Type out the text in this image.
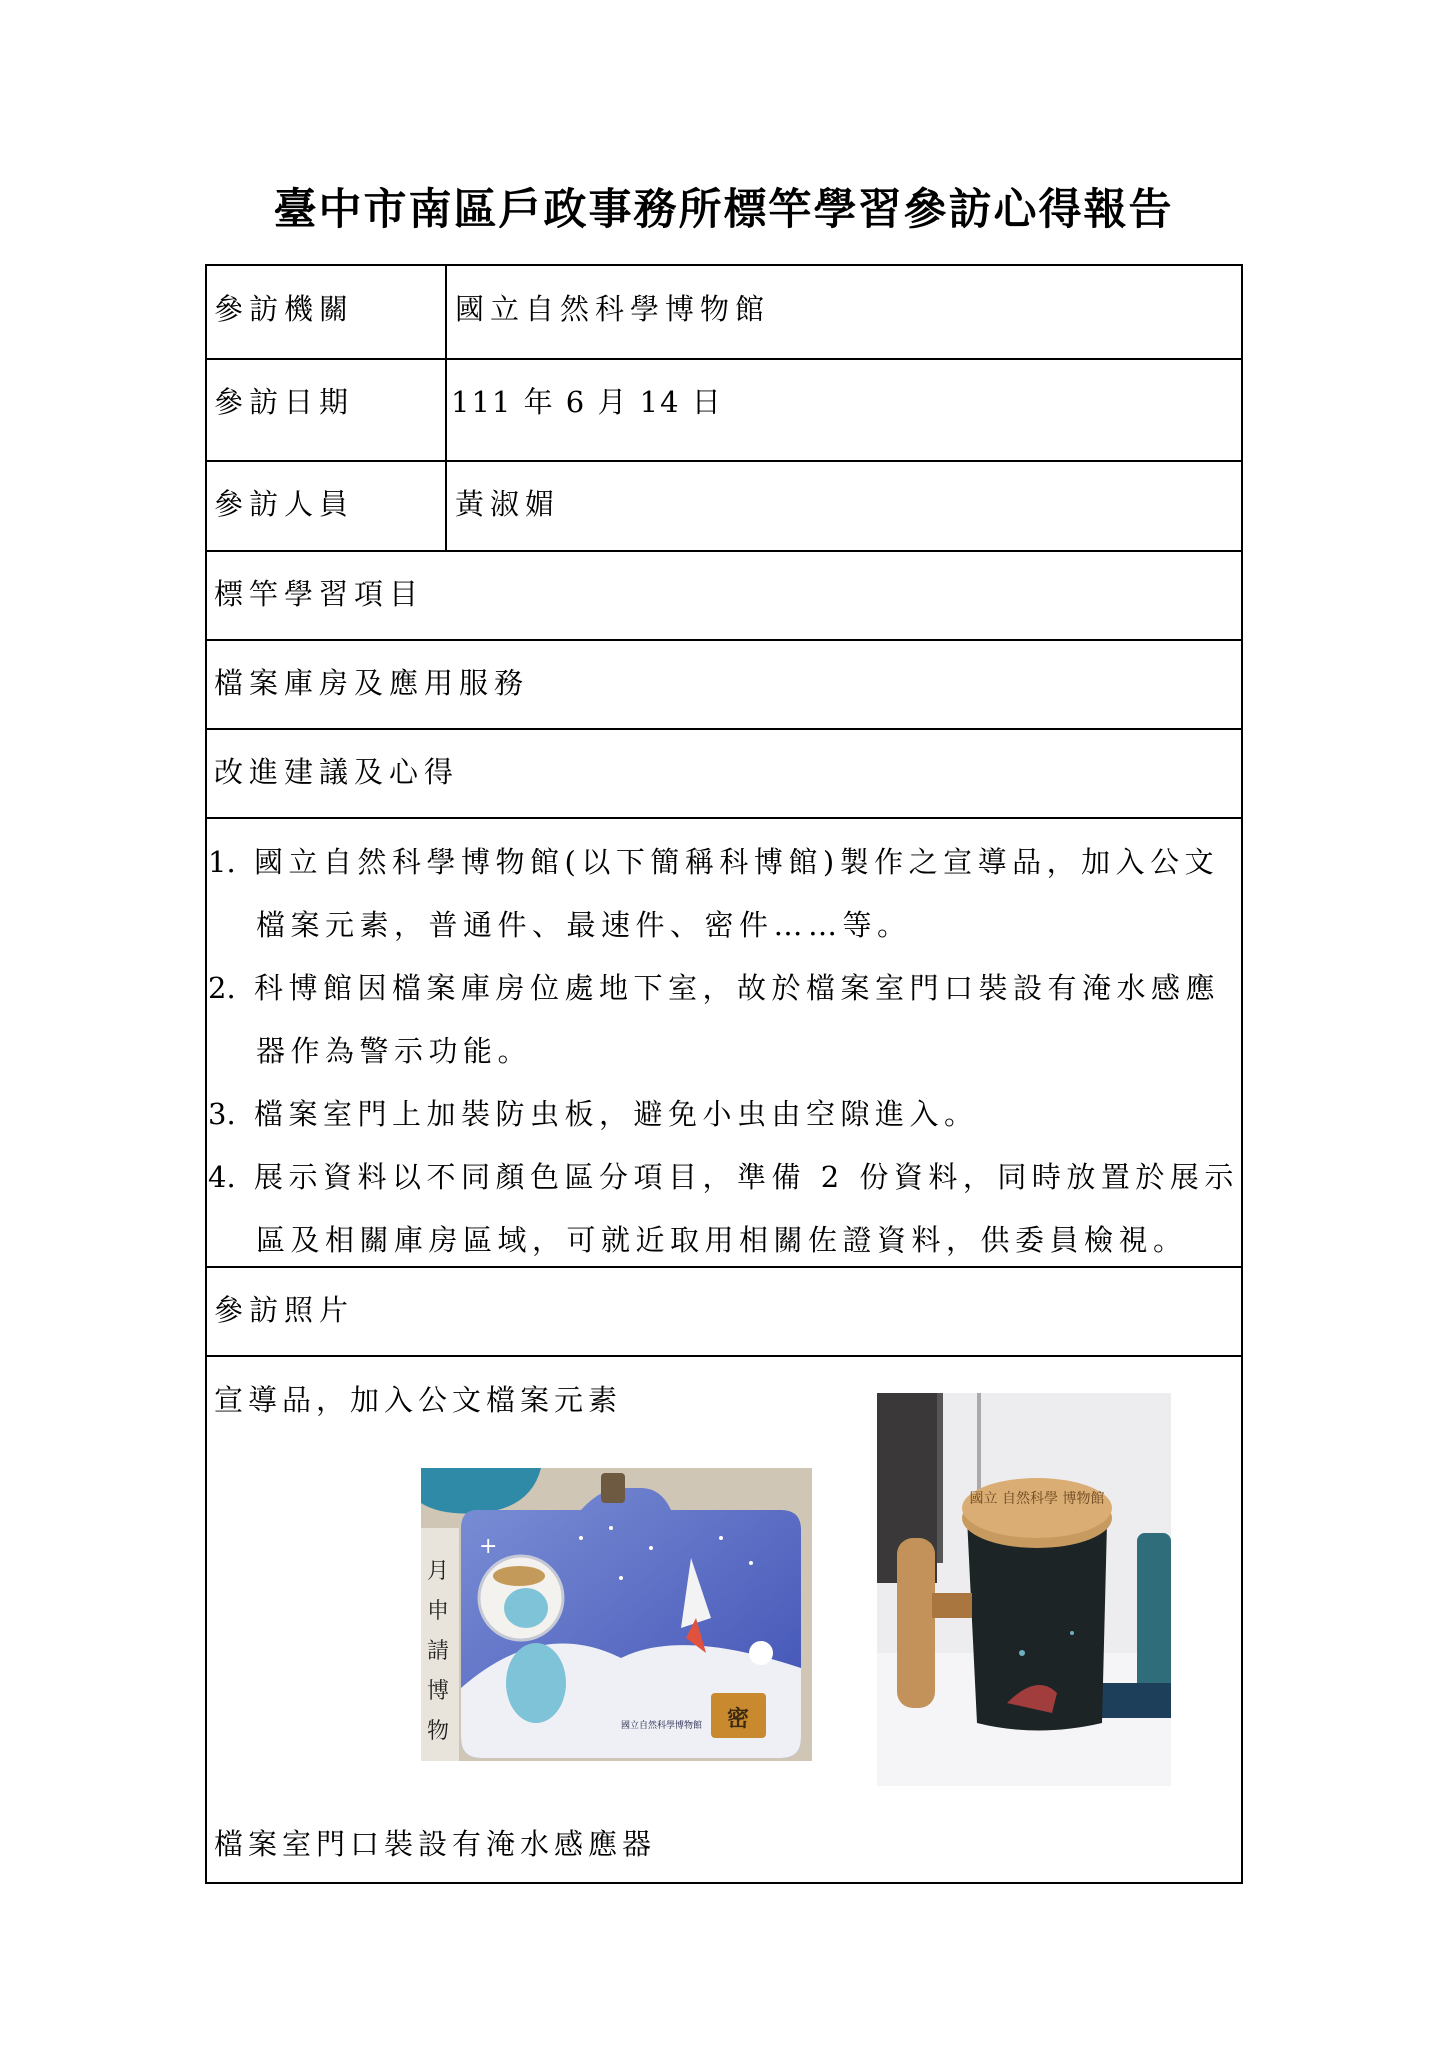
臺中市南區戶政事務所標竿學習參訪心得報告
參訪機關	國立自然科學博物館
參訪日期	111 年 6 月 14 日
參訪人員	黃淑媚
標竿學習項目
檔案庫房及應用服務
改進建議及心得
1. 國立自然科學博物館(以下簡稱科博館)製作之宣導品，加入公文
檔案元素，普通件、最速件、密件……等。
2. 科博館因檔案庫房位處地下室，故於檔案室門口裝設有淹水感應
器作為警示功能。
3. 檔案室門上加裝防虫板，避免小虫由空隙進入。
4. 展示資料以不同顏色區分項目，準備 2 份資料，同時放置於展示
區及相關庫房區域，可就近取用相關佐證資料，供委員檢視。
參訪照片
宣導品，加入公文檔案元素
密
+
國立自然科學博物館
月
申
請
博
物
國立 自然科學 博物館
檔案室門口裝設有淹水感應器
